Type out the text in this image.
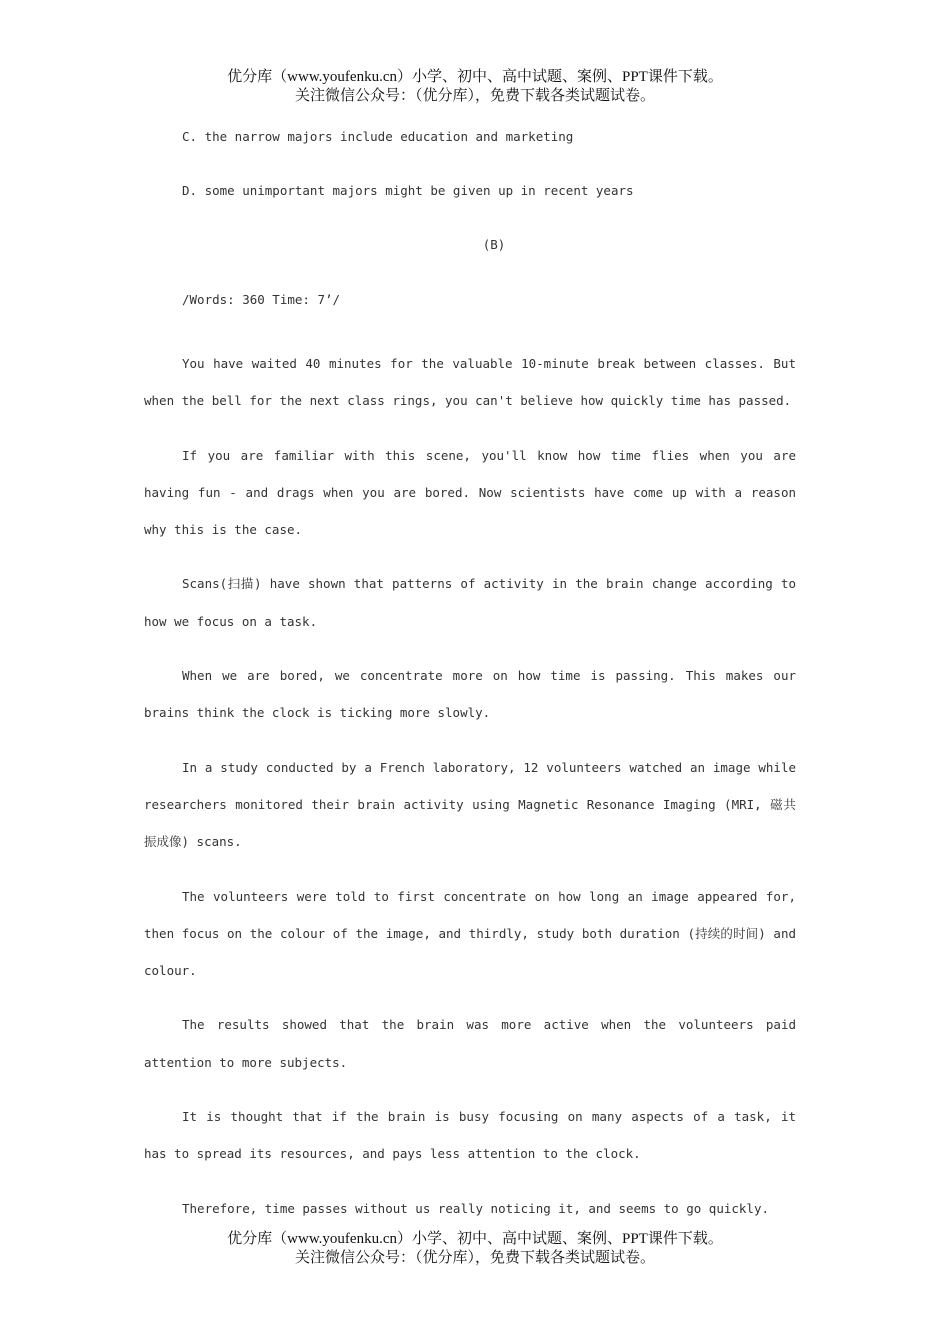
优分库（www.youfenku.cn）小学、初中、高中试题、案例、PPT课件下载。
关注微信公众号：（优分库），免费下载各类试题试卷。
C. the narrow majors include education and marketing
D. some unimportant majors might be given up in recent years
(B)
/Words: 360 Time: 7’/

You have waited 40 minutes for the valuable 10-minute break between classes. But when the bell for the next class rings, you can't believe how quickly time has passed.

If you are familiar with this scene, you'll know how time flies when you are having fun - and drags when you are bored. Now scientists have come up with a reason why this is the case.

Scans(扫描) have shown that patterns of activity in the brain change according to how we focus on a task.

When we are bored, we concentrate more on how time is passing. This makes our brains think the clock is ticking more slowly.

In a study conducted by a French laboratory, 12 volunteers watched an image while researchers monitored their brain activity using Magnetic Resonance Imaging (MRI, 磁共振成像) scans.

The volunteers were told to first concentrate on how long an image appeared for, then focus on the colour of the image, and thirdly, study both duration (持续的时间) and colour.

The results showed that the brain was more active when the volunteers paid attention to more subjects.

It is thought that if the brain is busy focusing on many aspects of a task, it has to spread its resources, and pays less attention to the clock.

Therefore, time passes without us really noticing it, and seems to go quickly.

优分库（www.youfenku.cn）小学、初中、高中试题、案例、PPT课件下载。
关注微信公众号：（优分库），免费下载各类试题试卷。
